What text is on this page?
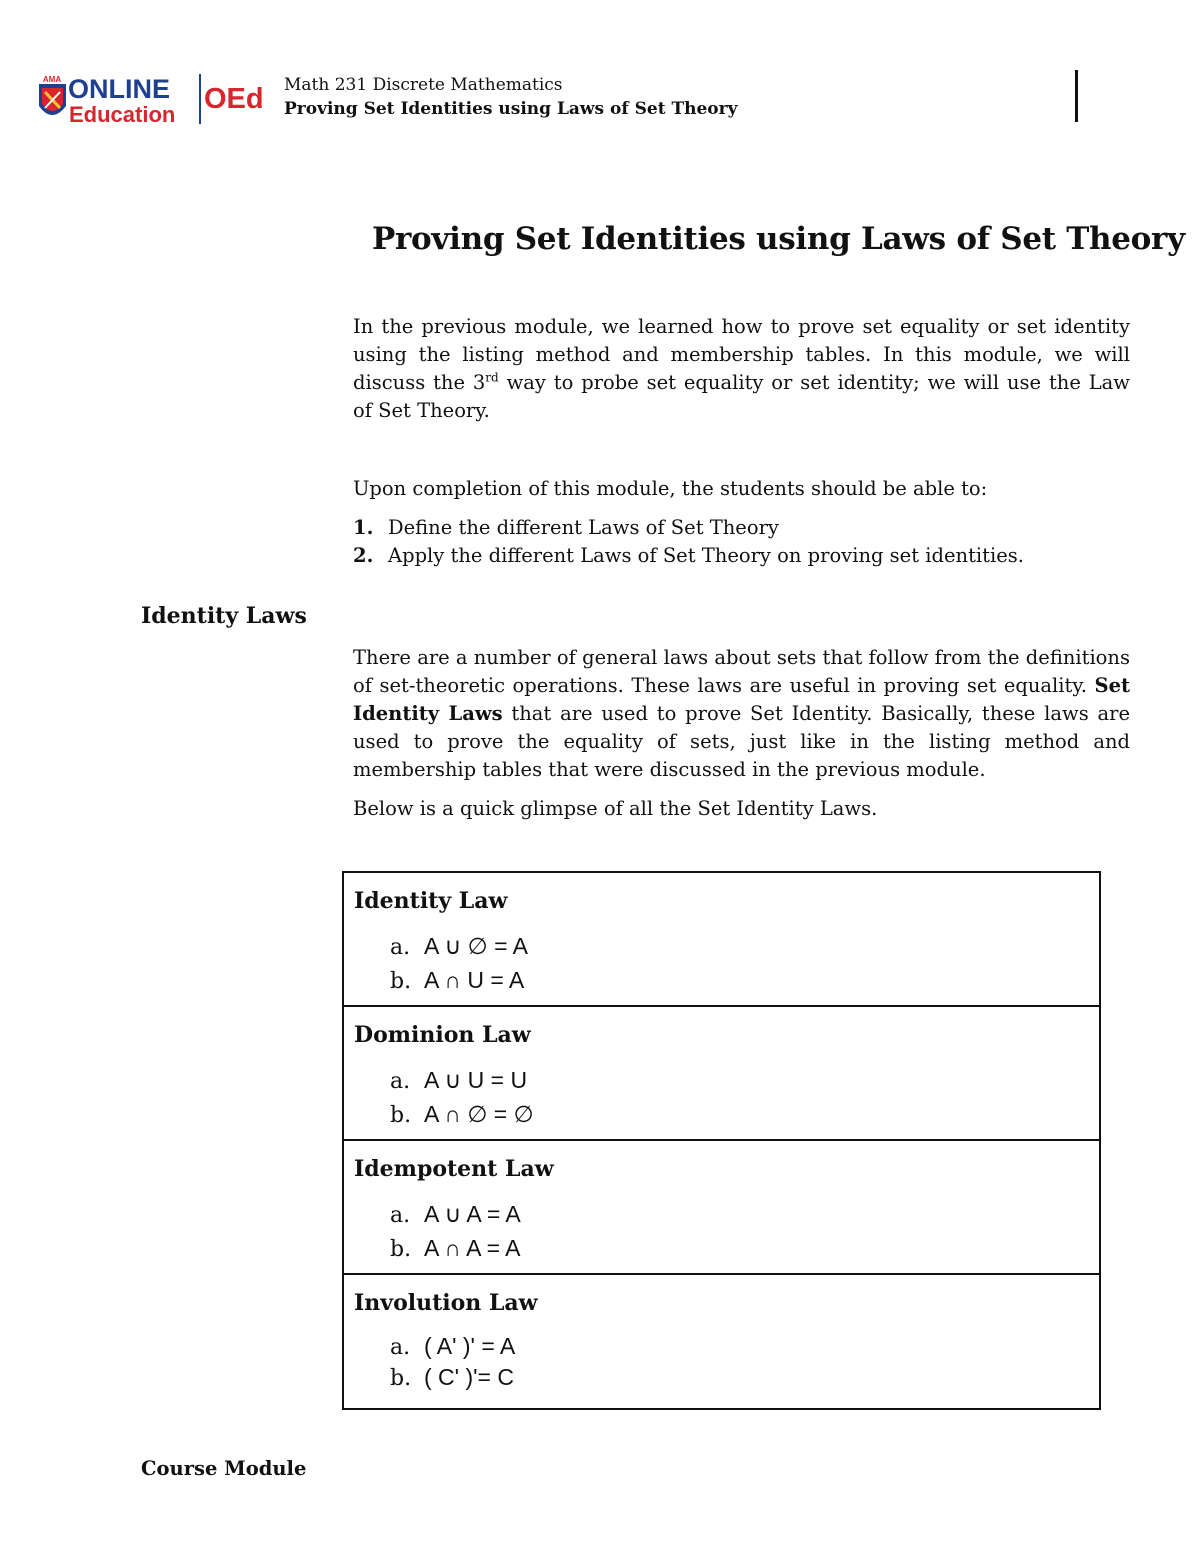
AMA ONLINE
Education OEd Math 231 Discrete Mathematics
Proving Set Identities using Laws of Set Theory
Proving Set Identities using Laws of Set Theory
In the previous module, we learned how to prove set equality or set identity using the listing method and membership tables. In this module, we will discuss the 3rd way to probe set equality or set identity; we will use the Law of Set Theory.
Upon completion of this module, the students should be able to:
1. Define the different Laws of Set Theory
2. Apply the different Laws of Set Theory on proving set identities.
Identity Laws
There are a number of general laws about sets that follow from the definitions of set-theoretic operations. These laws are useful in proving set equality. Set Identity Laws that are used to prove Set Identity. Basically, these laws are used to prove the equality of sets, just like in the listing method and membership tables that were discussed in the previous module.
Below is a quick glimpse of all the Set Identity Laws.
Identity Law
a. A ∪ ∅ = A
b. A ∩ U = A
Dominion Law
a. A ∪ U = U
b. A ∩ ∅ = ∅
Idempotent Law
a. A ∪ A = A
b. A ∩ A = A
Involution Law
a. ( A' )' = A
b. ( C' )'= C
Course Module
